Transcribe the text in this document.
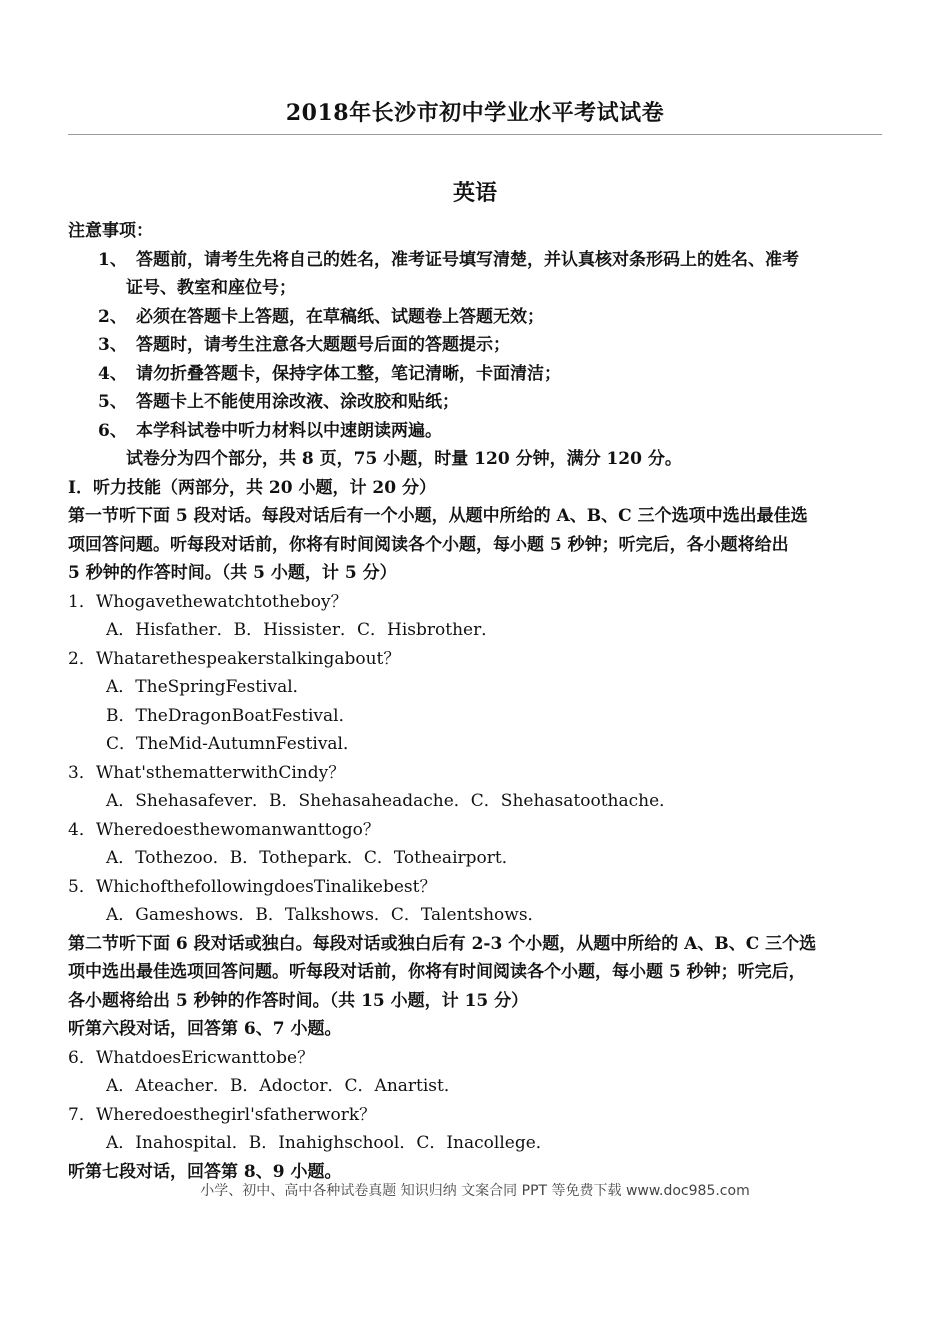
2018年长沙市初中学业水平考试试卷
英语
注意事项：
1、 答题前，请考生先将自己的姓名，准考证号填写清楚，并认真核对条形码上的姓名、准考
证号、教室和座位号；
2、 必须在答题卡上答题，在草稿纸、试题卷上答题无效；
3、 答题时，请考生注意各大题题号后面的答题提示；
4、 请勿折叠答题卡，保持字体工整，笔记清晰，卡面清洁；
5、 答题卡上不能使用涂改液、涂改胶和贴纸；
6、 本学科试卷中听力材料以中速朗读两遍。
试卷分为四个部分，共 8 页，75 小题，时量 120 分钟，满分 120 分。
Ⅰ．听力技能（两部分，共 20 小题，计 20 分）
第一节听下面 5 段对话。每段对话后有一个小题，从题中所给的 A、B、C 三个选项中选出最佳选
项回答问题。听每段对话前，你将有时间阅读各个小题，每小题 5 秒钟；听完后，各小题将给出
5 秒钟的作答时间。（共 5 小题，计 5 分）
1．Whogavethewatchtotheboy？
A．Hisfather．B．Hissister．C．Hisbrother．
2．Whatarethespeakerstalkingabout？
A．TheSpringFestival．
B．TheDragonBoatFestival．
C．TheMid-AutumnFestival．
3．What'sthematterwithCindy？
A．Shehasafever．B．Shehasaheadache．C．Shehasatoothache．
4．Wheredoesthewomanwanttogo？
A．Tothezoo．B．Tothepark．C．Totheairport．
5．WhichofthefollowingdoesTinalikebest？
A．Gameshows．B．Talkshows．C．Talentshows．
第二节听下面 6 段对话或独白。每段对话或独白后有 2-3 个小题，从题中所给的 A、B、C 三个选
项中选出最佳选项回答问题。听每段对话前，你将有时间阅读各个小题，每小题 5 秒钟；听完后，
各小题将给出 5 秒钟的作答时间。（共 15 小题，计 15 分）
听第六段对话，回答第 6、7 小题。
6．WhatdoesEricwanttobe？
A．Ateacher．B．Adoctor．C．Anartist．
7．Wheredoesthegirl'sfatherwork？
A．Inahospital．B．Inahighschool．C．Inacollege．
听第七段对话，回答第 8、9 小题。
小学、初中、高中各种试卷真题 知识归纳 文案合同 PPT 等免费下载 www.doc985.com
